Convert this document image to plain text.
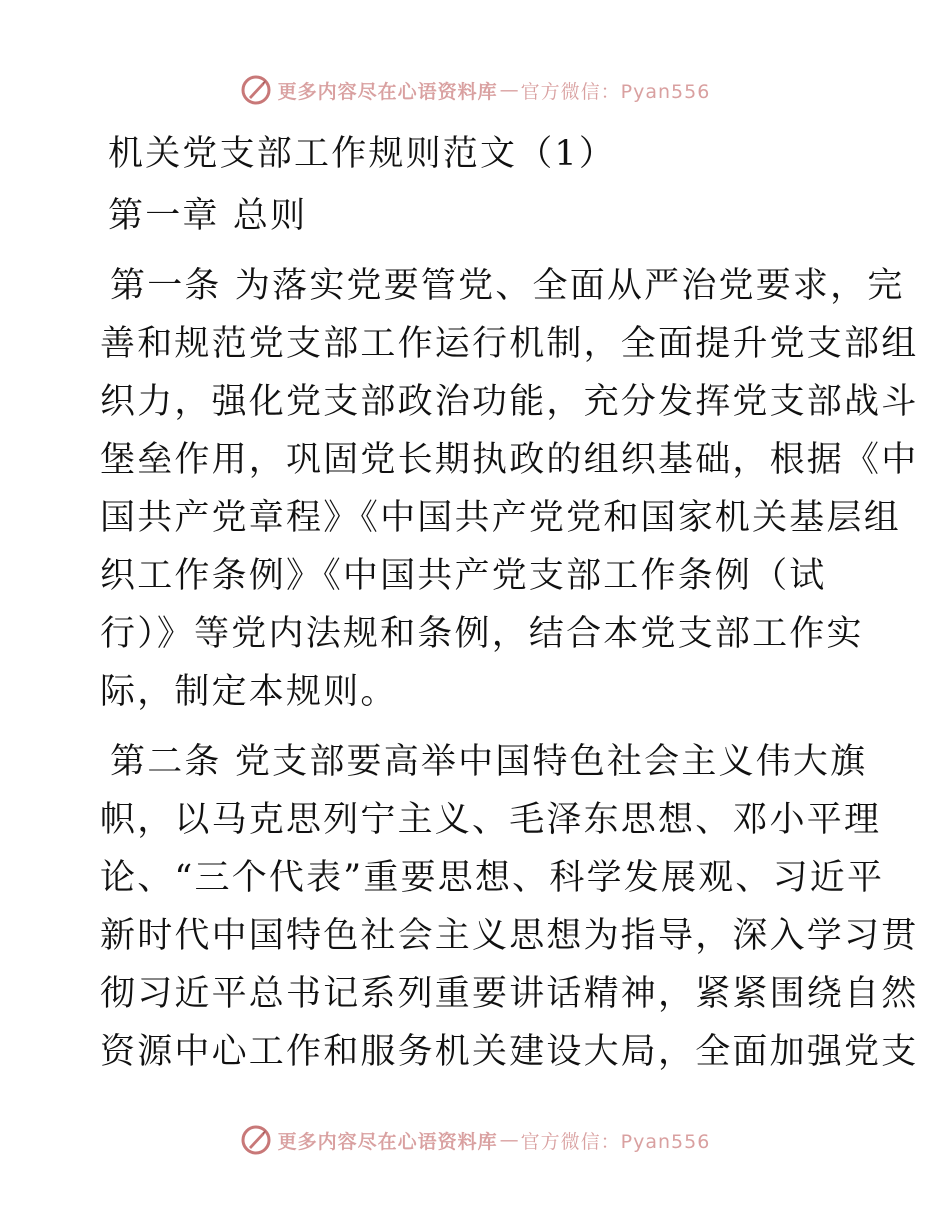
更多内容尽在心语资料库 — 官方微信：Pyan556
机关党支部工作规则范文（1）
第一章 总则
第一条 为落实党要管党、全面从严治党要求，完
善和规范党支部工作运行机制，全面提升党支部组
织力，强化党支部政治功能，充分发挥党支部战斗
堡垒作用，巩固党长期执政的组织基础，根据《中
国共产党章程》《中国共产党党和国家机关基层组
织工作条例》《中国共产党支部工作条例（试
行）》等党内法规和条例，结合本党支部工作实
际，制定本规则。
第二条 党支部要高举中国特色社会主义伟大旗
帜，以马克思列宁主义、毛泽东思想、邓小平理
论、“三个代表”重要思想、科学发展观、习近平
新时代中国特色社会主义思想为指导，深入学习贯
彻习近平总书记系列重要讲话精神，紧紧围绕自然
资源中心工作和服务机关建设大局，全面加强党支
更多内容尽在心语资料库 — 官方微信：Pyan556
